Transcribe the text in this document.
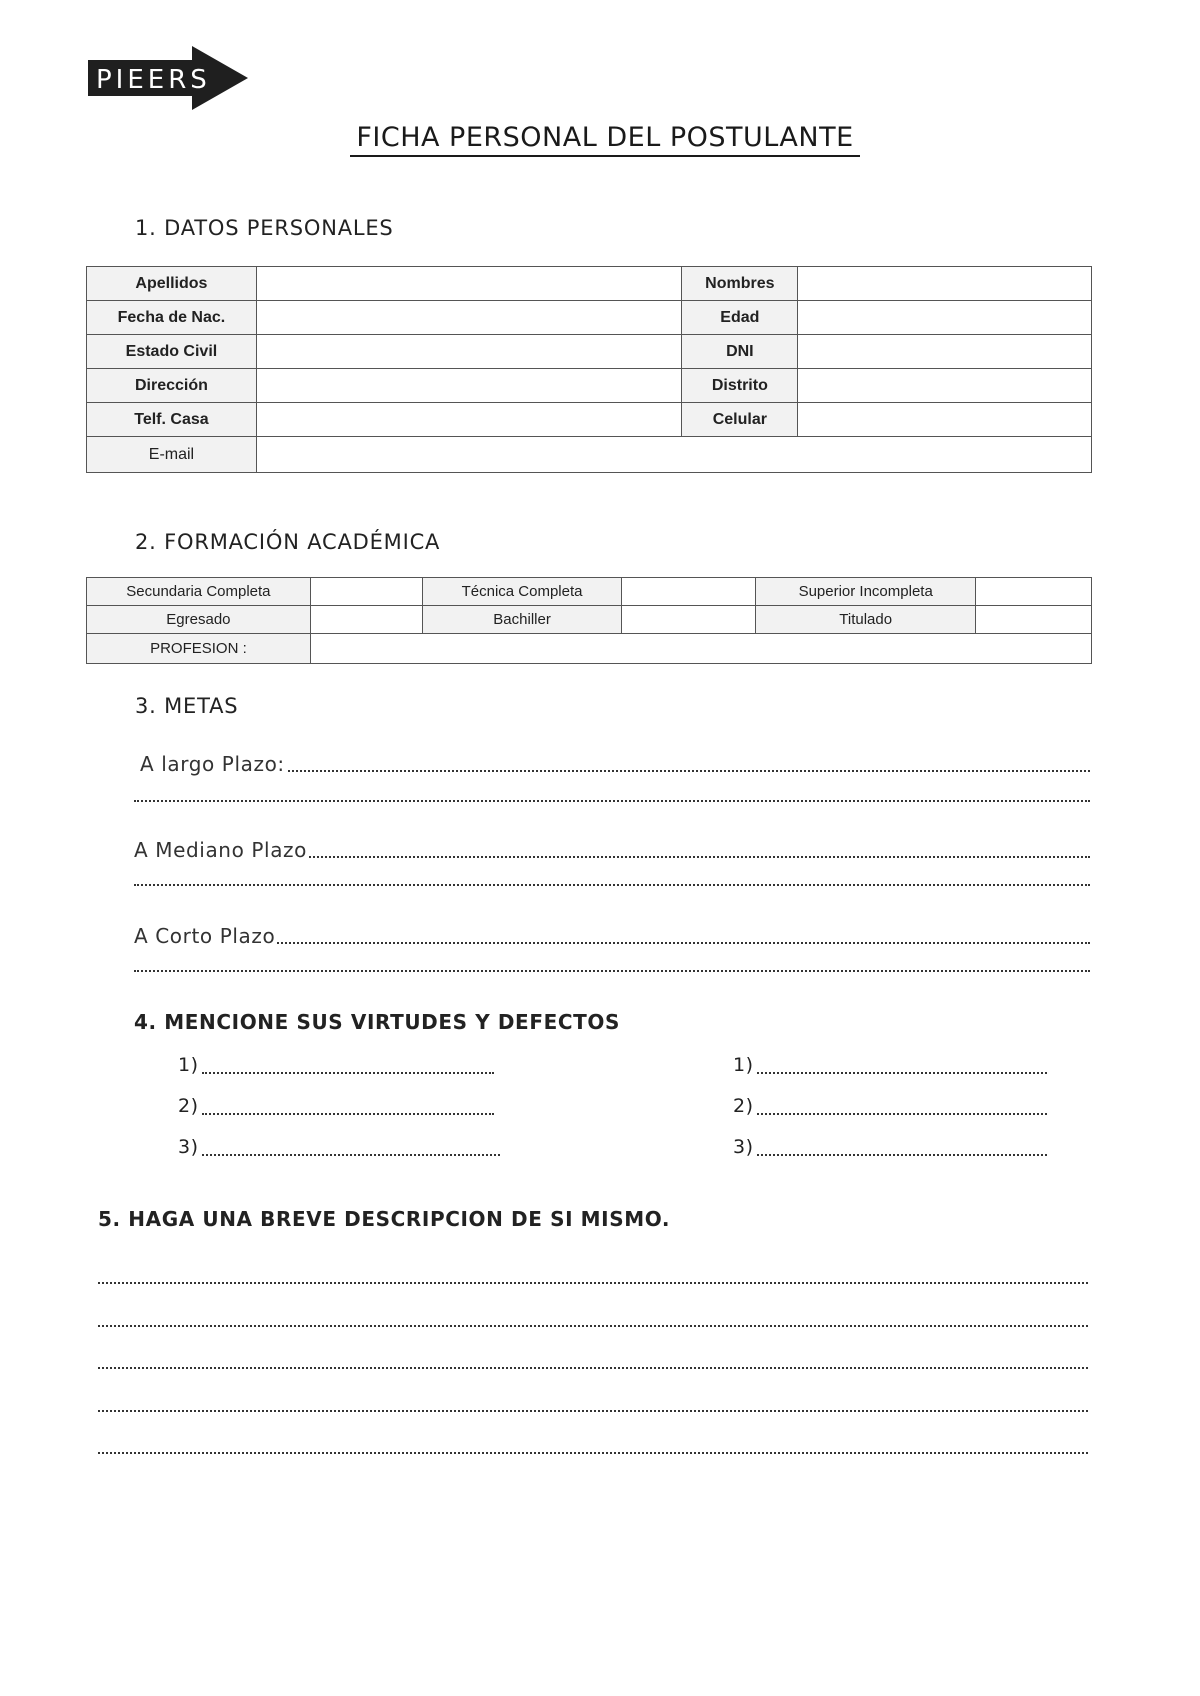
PIEERS
FICHA PERSONAL DEL POSTULANTE
1. DATOS PERSONALES
Apellidos		Nombres	
Fecha de Nac.		Edad	
Estado Civil		DNI	
Dirección		Distrito	
Telf. Casa		Celular	
E-mail			
2. FORMACIÓN ACADÉMICA
Secundaria Completa		Técnica Completa		Superior Incompleta	
Egresado		Bachiller		Titulado	
PROFESION :					
3. METAS
A largo Plazo:
A Mediano Plazo
A Corto Plazo
4. MENCIONE SUS VIRTUDES Y DEFECTOS
1)
2)
3)
1)
2)
3)
5. HAGA UNA BREVE DESCRIPCION DE SI MISMO.
